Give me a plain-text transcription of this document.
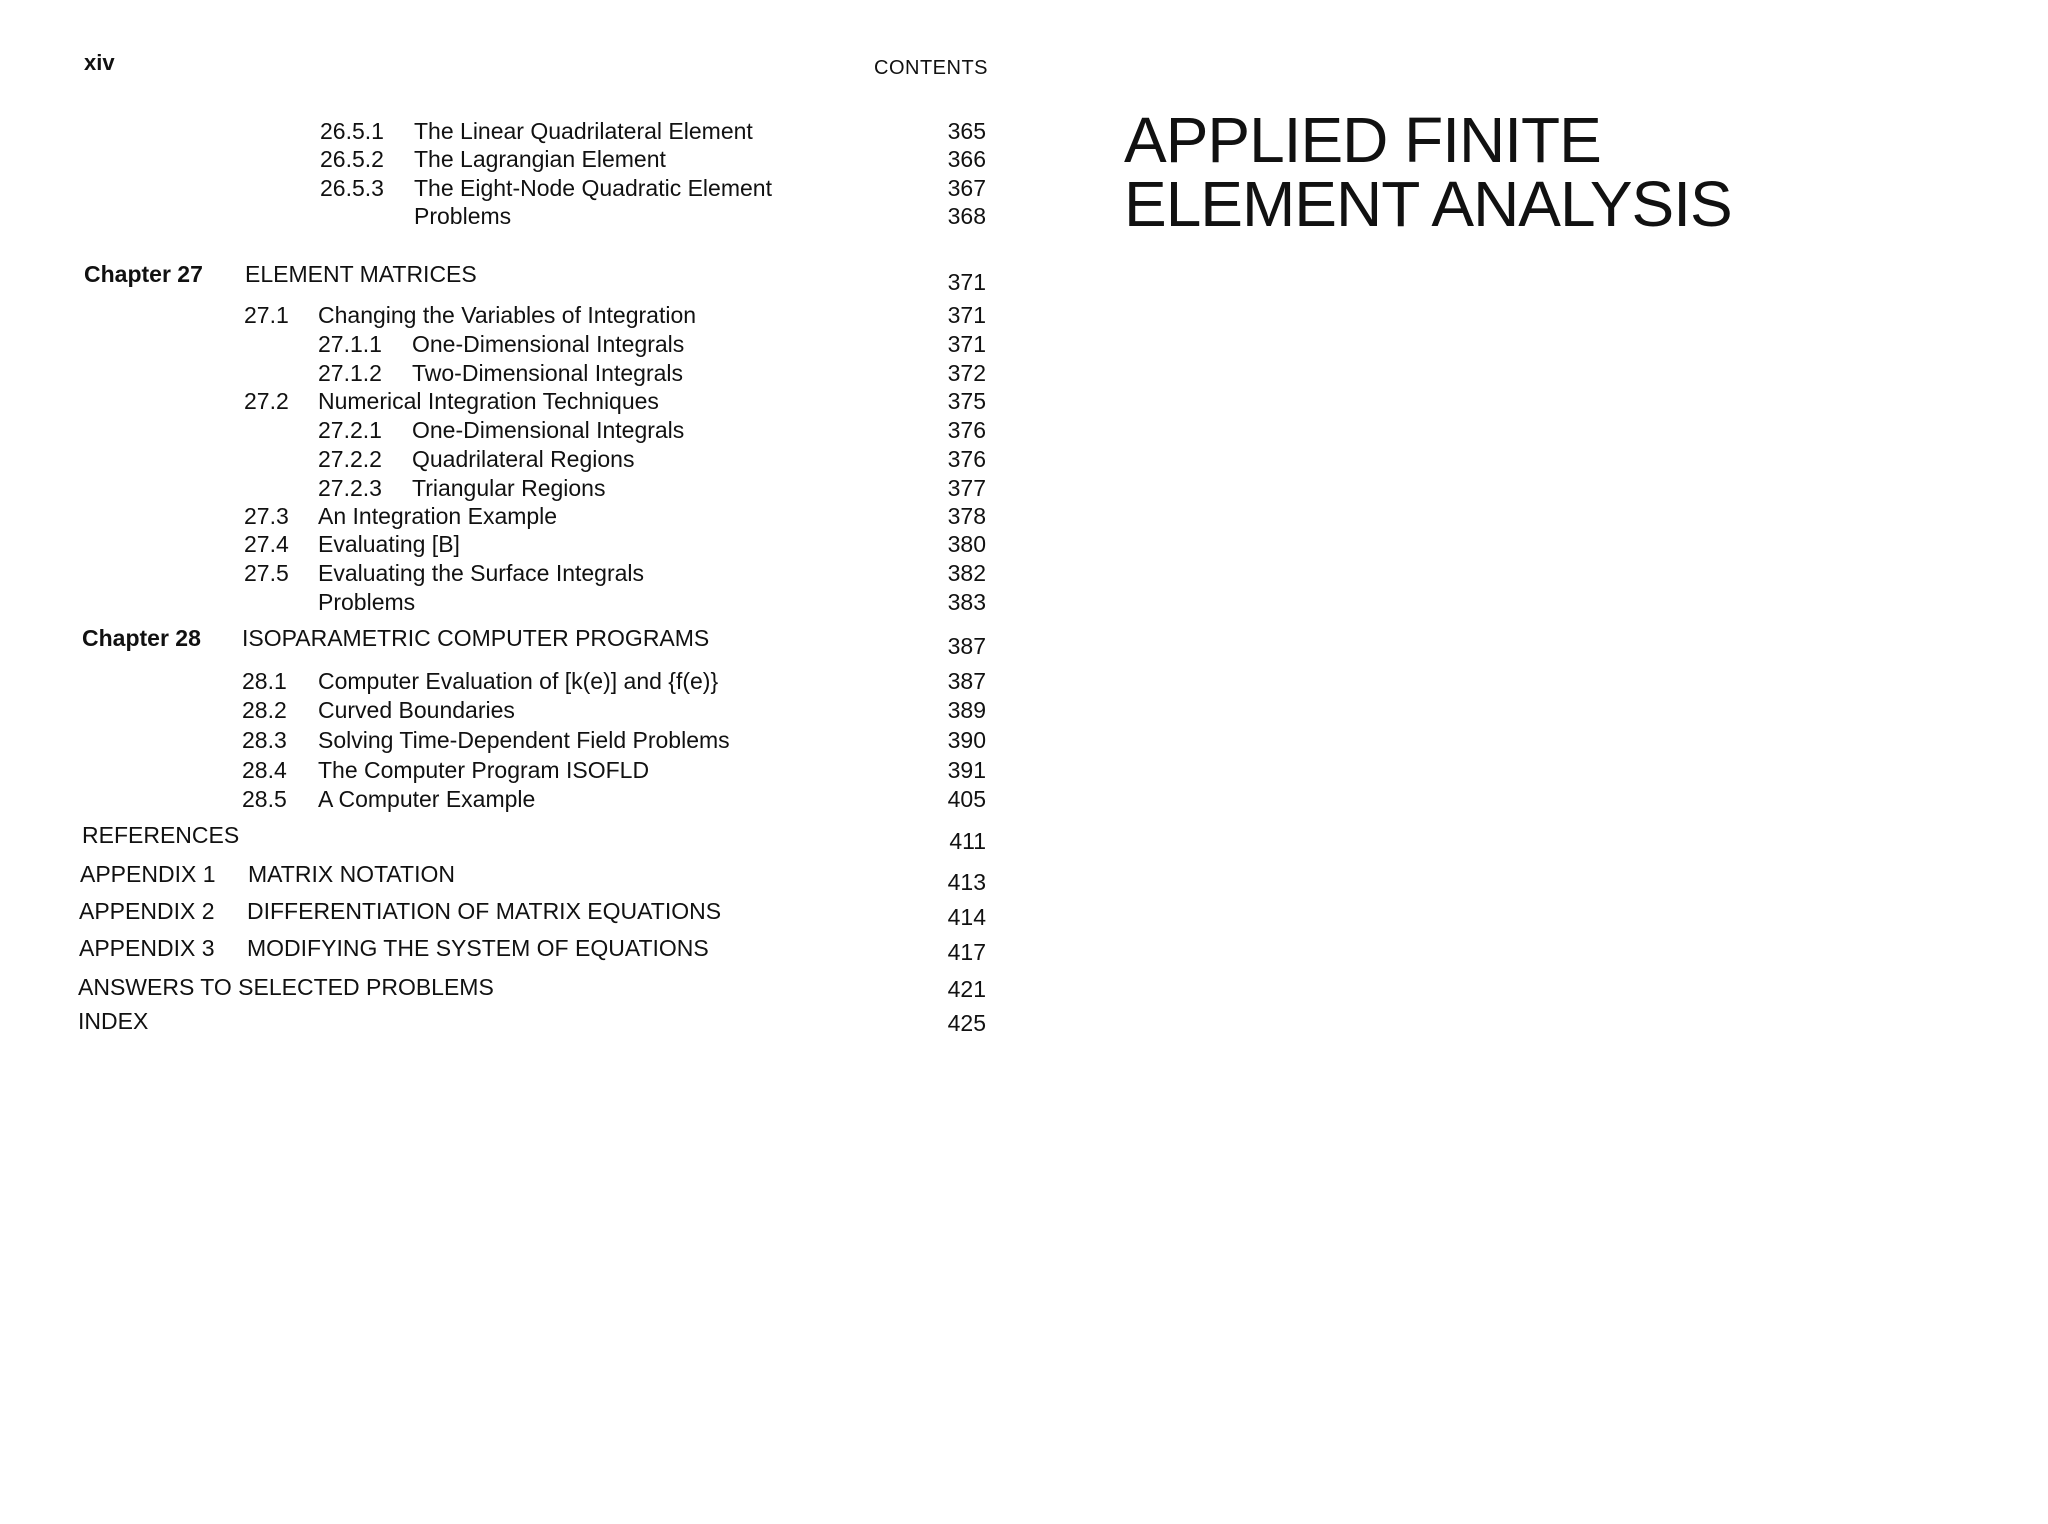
xiv	CONTENTS
APPLIED FINITE
ELEMENT ANALYSIS
26.5.1 The Linear Quadrilateral Element	365
26.5.2 The Lagrangian Element	366
26.5.3 The Eight-Node Quadratic Element	367
Problems	368
Chapter 27 ELEMENT MATRICES	371
27.1 Changing the Variables of Integration	371
27.1.1 One-Dimensional Integrals	371
27.1.2 Two-Dimensional Integrals	372
27.2 Numerical Integration Techniques	375
27.2.1 One-Dimensional Integrals	376
27.2.2 Quadrilateral Regions	376
27.2.3 Triangular Regions	377
27.3 An Integration Example	378
27.4 Evaluating [B]	380
27.5 Evaluating the Surface Integrals	382
Problems	383
Chapter 28 ISOPARAMETRIC COMPUTER PROGRAMS	387
28.1 Computer Evaluation of [k(e)] and {f(e)}	387
28.2 Curved Boundaries	389
28.3 Solving Time-Dependent Field Problems	390
28.4 The Computer Program ISOFLD	391
28.5 A Computer Example	405
REFERENCES	411
APPENDIX 1 MATRIX NOTATION	413
APPENDIX 2 DIFFERENTIATION OF MATRIX EQUATIONS	414
APPENDIX 3 MODIFYING THE SYSTEM OF EQUATIONS	417
ANSWERS TO SELECTED PROBLEMS	421
INDEX	425
